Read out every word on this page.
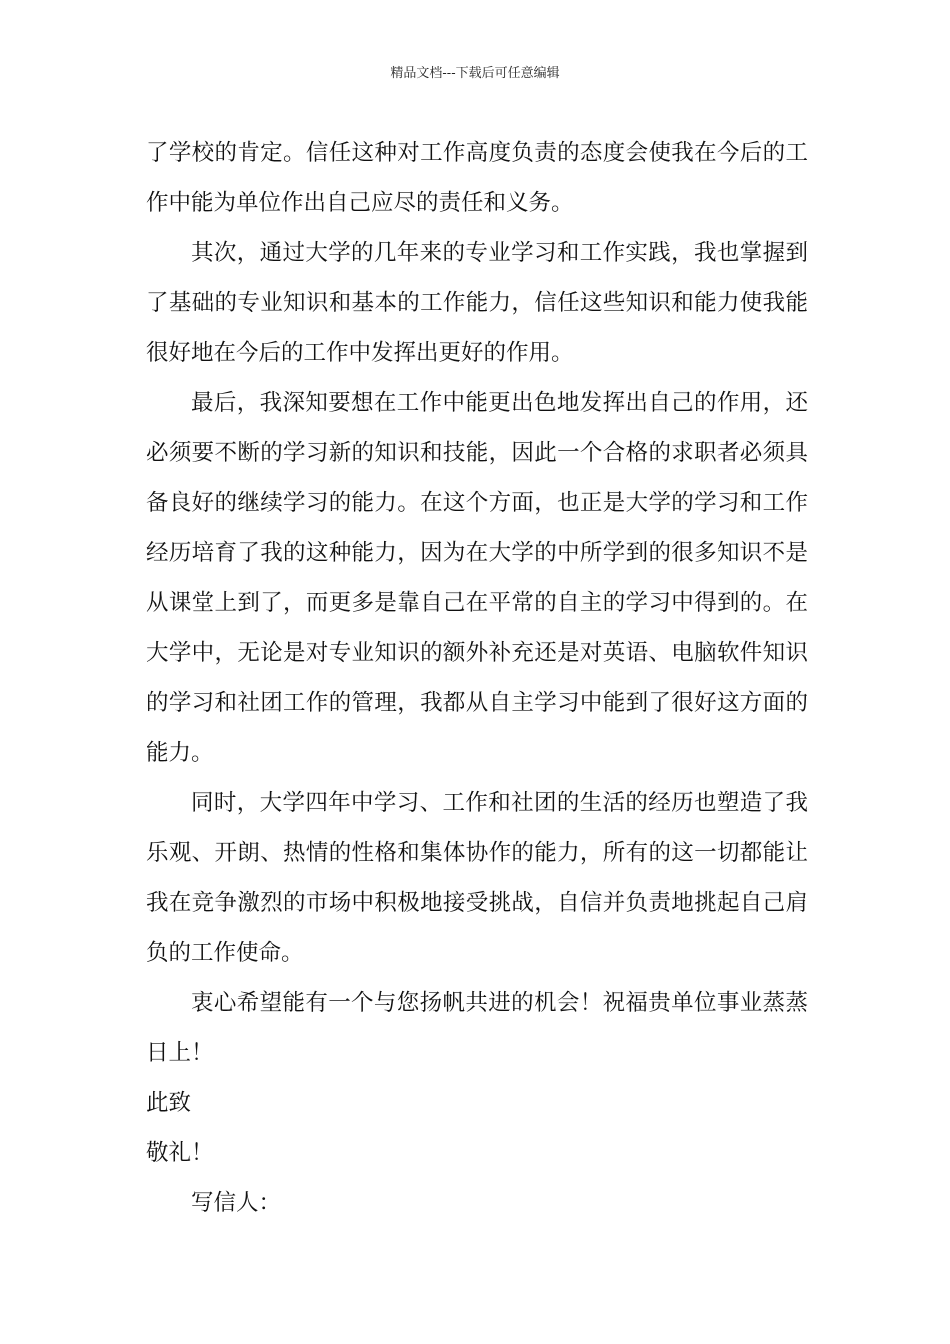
精品文档---下载后可任意编辑
了学校的肯定。信任这种对工作高度负责的态度会使我在今后的工
作中能为单位作出自己应尽的责任和义务。
其次，通过大学的几年来的专业学习和工作实践，我也掌握到
了基础的专业知识和基本的工作能力，信任这些知识和能力使我能
很好地在今后的工作中发挥出更好的作用。
最后，我深知要想在工作中能更出色地发挥出自己的作用，还
必须要不断的学习新的知识和技能，因此一个合格的求职者必须具
备良好的继续学习的能力。在这个方面，也正是大学的学习和工作
经历培育了我的这种能力，因为在大学的中所学到的很多知识不是
从课堂上到了，而更多是靠自己在平常的自主的学习中得到的。在
大学中，无论是对专业知识的额外补充还是对英语、电脑软件知识
的学习和社团工作的管理，我都从自主学习中能到了很好这方面的
能力。
同时，大学四年中学习、工作和社团的生活的经历也塑造了我
乐观、开朗、热情的性格和集体协作的能力，所有的这一切都能让
我在竞争激烈的市场中积极地接受挑战，自信并负责地挑起自己肩
负的工作使命。
衷心希望能有一个与您扬帆共进的机会！祝福贵单位事业蒸蒸
日上！
此致
敬礼！
写信人：
